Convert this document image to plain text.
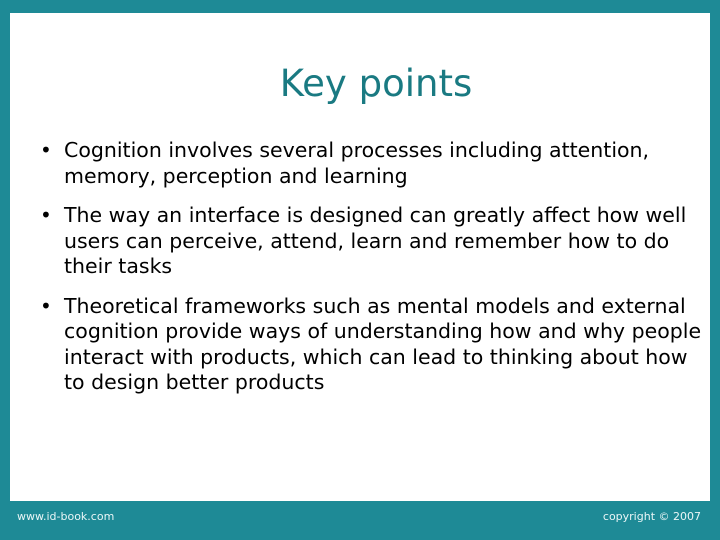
Key points
• Cognition involves several processes including attention, memory, perception and learning
• The way an interface is designed can greatly affect how well users can perceive, attend, learn and remember how to do their tasks
• Theoretical frameworks such as mental models and external cognition provide ways of understanding how and why people interact with products, which can lead to thinking about how to design better products
www.id-book.com	copyright © 2007
